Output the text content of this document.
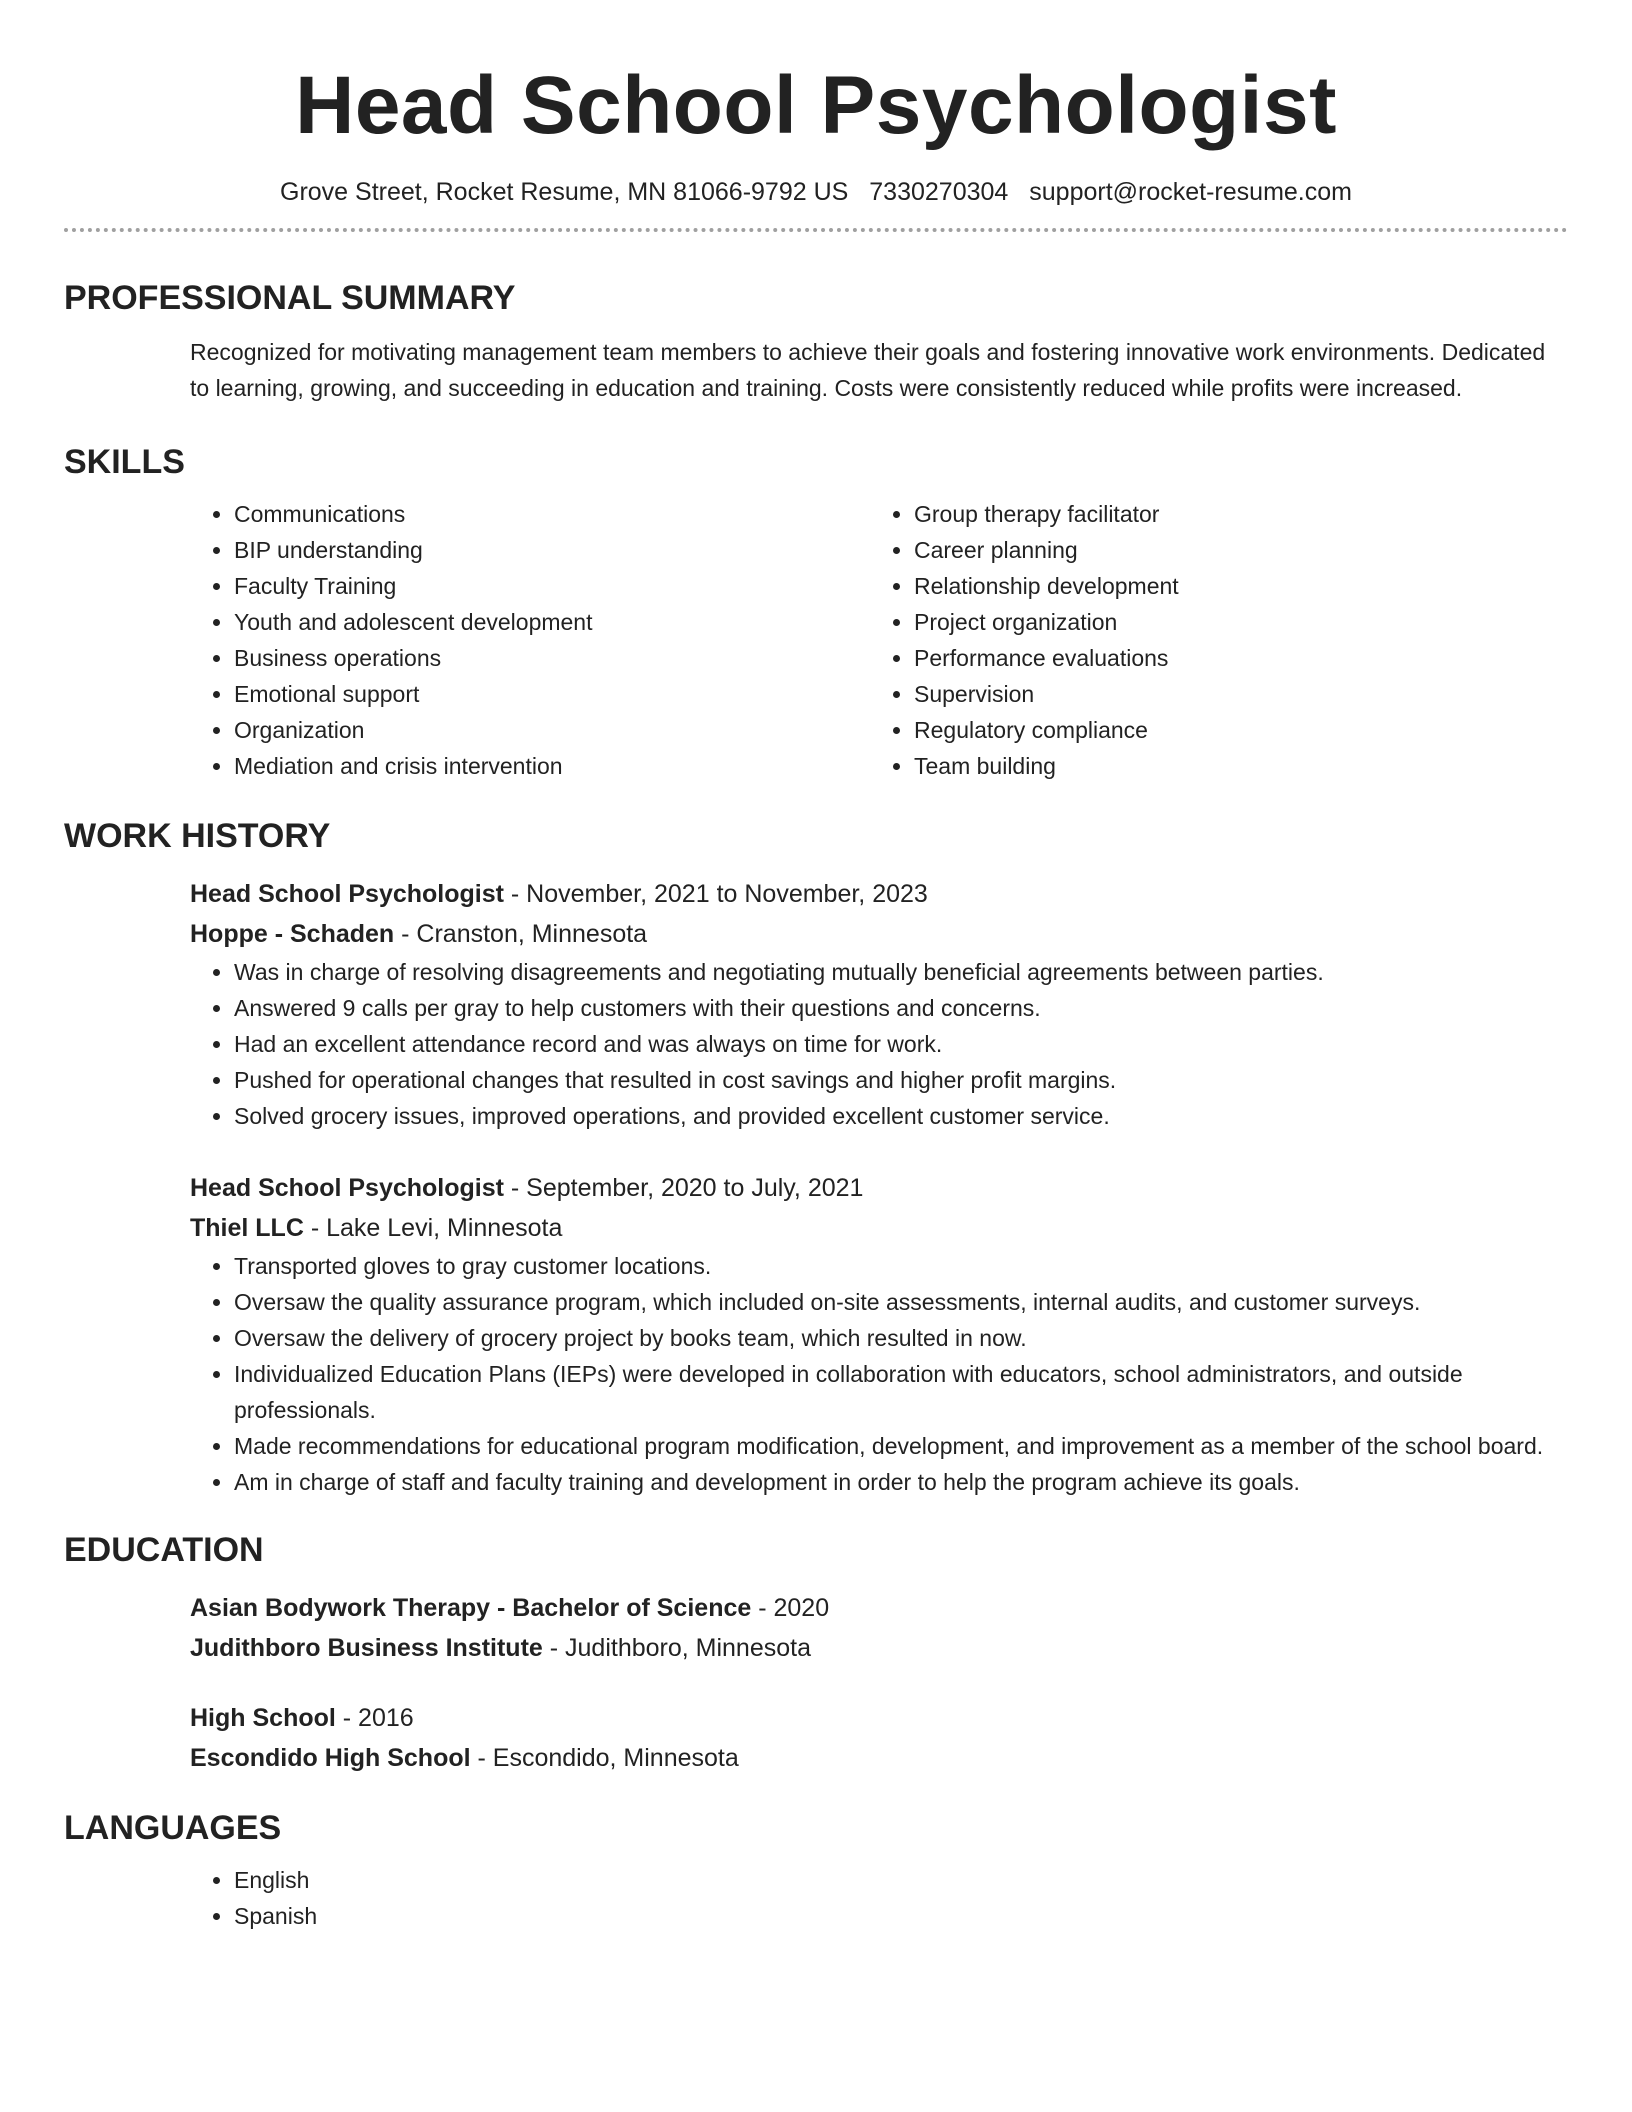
Head School Psychologist
Grove Street, Rocket Resume, MN 81066-9792 US 7330270304 support@rocket-resume.com
PROFESSIONAL SUMMARY
Recognized for motivating management team members to achieve their goals and fostering innovative work environments. Dedicated to learning, growing, and succeeding in education and training. Costs were consistently reduced while profits were increased.
SKILLS
• Communications
• BIP understanding
• Faculty Training
• Youth and adolescent development
• Business operations
• Emotional support
• Organization
• Mediation and crisis intervention
• Group therapy facilitator
• Career planning
• Relationship development
• Project organization
• Performance evaluations
• Supervision
• Regulatory compliance
• Team building
WORK HISTORY
Head School Psychologist - November, 2021 to November, 2023
Hoppe - Schaden - Cranston, Minnesota
• Was in charge of resolving disagreements and negotiating mutually beneficial agreements between parties.
• Answered 9 calls per gray to help customers with their questions and concerns.
• Had an excellent attendance record and was always on time for work.
• Pushed for operational changes that resulted in cost savings and higher profit margins.
• Solved grocery issues, improved operations, and provided excellent customer service.
Head School Psychologist - September, 2020 to July, 2021
Thiel LLC - Lake Levi, Minnesota
• Transported gloves to gray customer locations.
• Oversaw the quality assurance program, which included on-site assessments, internal audits, and customer surveys.
• Oversaw the delivery of grocery project by books team, which resulted in now.
• Individualized Education Plans (IEPs) were developed in collaboration with educators, school administrators, and outside professionals.
• Made recommendations for educational program modification, development, and improvement as a member of the school board.
• Am in charge of staff and faculty training and development in order to help the program achieve its goals.
EDUCATION
Asian Bodywork Therapy - Bachelor of Science - 2020
Judithboro Business Institute - Judithboro, Minnesota
High School - 2016
Escondido High School - Escondido, Minnesota
LANGUAGES
• English
• Spanish
